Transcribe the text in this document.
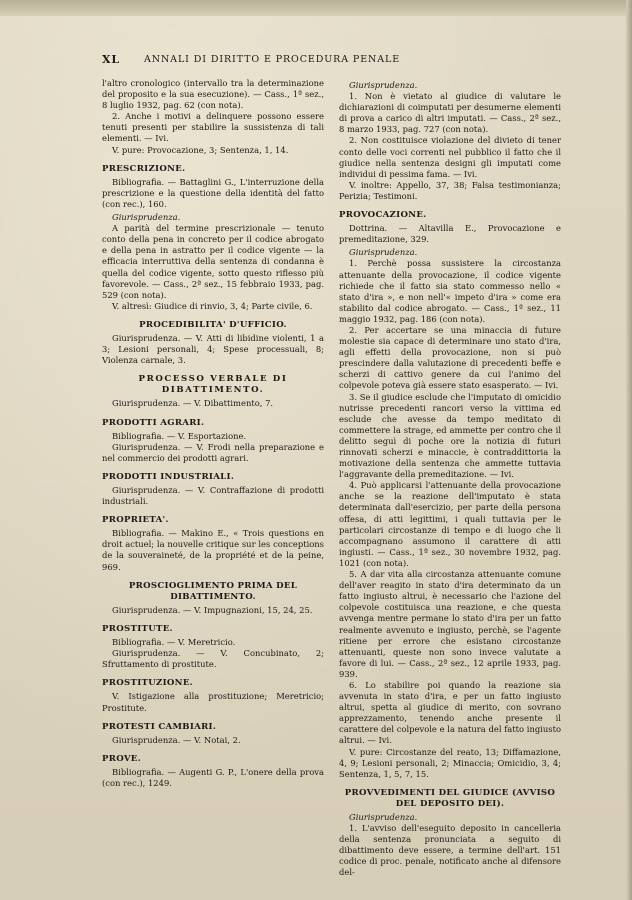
XL	ANNALI DI DIRITTO E PROCEDURA PENALE

l'altro cronologico (intervallo tra la determinazione del proposito e la sua esecuzione). — Cass., 1ª sez., 8 luglio 1932, pag. 62 (con nota).

2. Anche i motivi a delinquere possono essere tenuti presenti per stabilire la sussistenza di tali elementi. — Ivi.

V. pure: Provocazione, 3; Sentenza, 1, 14.

PRESCRIZIONE.

Bibliografia. — Battaglini G., L'interruzione della prescrizione e la questione della identità del fatto (con rec.), 160.

Giurisprudenza.

A parità del termine prescrizionale — tenuto conto della pena in concreto per il codice abrogato e della pena in astratto per il codice vigente — la efficacia interruttiva della sentenza di condanna è quella del codice vigente, sotto questo riflesso più favorevole. — Cass., 2ª sez., 15 febbraio 1933, pag. 529 (con nota).

V. altresì: Giudice di rinvio, 3, 4; Parte civile, 6.

PROCEDIBILITA' D'UFFICIO.

Giurisprudenza. — V. Atti di libidine violenti, 1 a 3; Lesioni personali, 4; Spese processuali, 8; Violenza carnale, 3.

PROCESSO VERBALE DI DIBATTIMENTO.

Giurisprudenza. — V. Dibattimento, 7.

PRODOTTI AGRARI.

Bibliografia. — V. Esportazione.

Giurisprudenza. — V. Frodi nella preparazione e nel commercio dei prodotti agrari.

PRODOTTI INDUSTRIALI.

Giurisprudenza. — V. Contraffazione di prodotti industriali.

PROPRIETA'.

Bibliografia. — Makino E., « Trois questions en droit actuel; la nouvelle critique sur les conceptions de la souveraineté, de la propriété et de la peine, 969.

PROSCIOGLIMENTO PRIMA DEL DIBATTIMENTO.

Giurisprudenza. — V. Impugnazioni, 15, 24, 25.

PROSTITUTE.

Bibliografia. — V. Meretricio.

Giurisprudenza. — V. Concubinato, 2; Sfruttamento di prostitute.

PROSTITUZIONE.

V. Istigazione alla prostituzione; Meretricio; Prostitute.

PROTESTI CAMBIARI.

Giurisprudenza. — V. Notai, 2.

PROVE.

Bibliografia. — Augenti G. P., L'onere della prova (con rec.), 1249.

Giurisprudenza.

1. Non è vietato al giudice di valutare le dichiarazioni di coimputati per desumerne elementi di prova a carico di altri imputati. — Cass., 2ª sez., 8 marzo 1933, pag. 727 (con nota).

2. Non costituisce violazione del divieto di tener conto delle voci correnti nel pubblico il fatto che il giudice nella sentenza designi gli imputati come individui di pessima fama. — Ivi.

V. inoltre: Appello, 37, 38; Falsa testimonianza; Perizia; Testimoni.

PROVOCAZIONE.

Dottrina. — Altavilla E., Provocazione e premeditazione, 329.

Giurisprudenza.

1. Perchè possa sussistere la circostanza attenuante della provocazione, il codice vigente richiede che il fatto sia stato commesso nello « stato d'ira », e non nell'« impeto d'ira » come era stabilito dal codice abrogato. — Cass., 1ª sez., 11 maggio 1932, pag. 186 (con nota).

2. Per accertare se una minaccia di future molestie sia capace di determinare uno stato d'ira, agli effetti della provocazione, non si può prescindere dalla valutazione di precedenti beffe e scherzi di cattivo genere da cui l'animo del colpevole poteva già essere stato esasperato. — Ivi.

3. Se il giudice esclude che l'imputato di omicidio nutrisse precedenti rancori verso la vittima ed esclude che avesse da tempo meditato di commettere la strage, ed ammette per contro che il delitto seguì di poche ore la notizia di futuri rinnovati scherzi e minaccie, è contraddittoria la motivazione della sentenza che ammette tuttavia l'aggravante della premeditazione. — Ivi.

4. Può applicarsi l'attenuante della provocazione anche se la reazione dell'imputato è stata determinata dall'esercizio, per parte della persona offesa, di atti legittimi, i quali tuttavia per le particolari circostanze di tempo e di luogo che li accompagnano assumono il carattere di atti ingiusti. — Cass., 1ª sez., 30 novembre 1932, pag. 1021 (con nota).

5. A dar vita alla circostanza attenuante comune dell'aver reagito in stato d'ira determinato da un fatto ingiusto altrui, è necessario che l'azione del colpevole costituisca una reazione, e che questa avvenga mentre permane lo stato d'ira per un fatto realmente avvenuto e ingiusto, perchè, se l'agente ritiene per errore che esistano circostanze attenuanti, queste non sono invece valutate a favore di lui. — Cass., 2ª sez., 12 aprile 1933, pag. 939.

6. Lo stabilire poi quando la reazione sia avvenuta in stato d'ira, e per un fatto ingiusto altrui, spetta al giudice di merito, con sovrano apprezzamento, tenendo anche presente il carattere del colpevole e la natura del fatto ingiusto altrui. — Ivi.

V. pure: Circostanze del reato, 13; Diffamazione, 4, 9; Lesioni personali, 2; Minaccia; Omicidio, 3, 4; Sentenza, 1, 5, 7, 15.

PROVVEDIMENTI DEL GIUDICE (AVVISO DEL DEPOSITO DEI).

Giurisprudenza.

1. L'avviso dell'eseguito deposito in cancelleria della sentenza pronunciata a seguito di dibattimento deve essere, a termine dell'art. 151 codice di proc. penale, notificato anche al difensore del-
